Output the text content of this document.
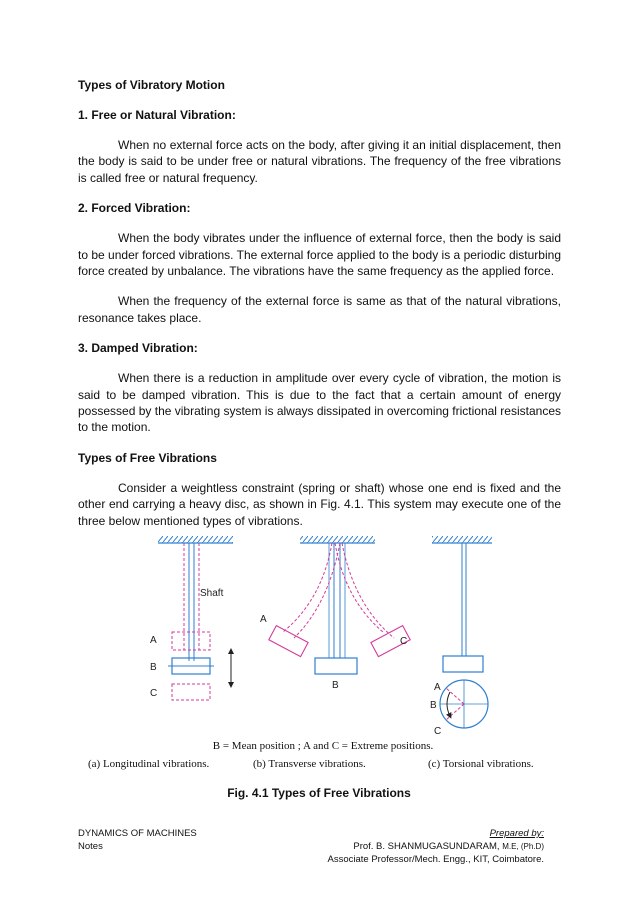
Types of Vibratory Motion
1. Free or Natural Vibration:

When no external force acts on the body, after giving it an initial displacement, then the body is said to be under free or natural vibrations. The frequency of the free vibrations is called free or natural frequency.

2. Forced Vibration:

When the body vibrates under the influence of external force, then the body is said to be under forced vibrations. The external force applied to the body is a periodic disturbing force created by unbalance. The vibrations have the same frequency as the applied force.

When the frequency of the external force is same as that of the natural vibrations, resonance takes place.

3. Damped Vibration:

When there is a reduction in amplitude over every cycle of vibration, the motion is said to be damped vibration. This is due to the fact that a certain amount of energy possessed by the vibrating system is always dissipated in overcoming frictional resistances to the motion.

Types of Free Vibrations

Consider a weightless constraint (spring or shaft) whose one end is fixed and the other end carrying a heavy disc, as shown in Fig. 4.1. This system may execute one of the three below mentioned types of vibrations.

Shaft
A
B
C
A
C
B	A
B
C
B = Mean position ; A and C = Extreme positions.
(a) Longitudinal vibrations.	(b) Transverse vibrations.	(c) Torsional vibrations.
Fig. 4.1 Types of Free Vibrations
DYNAMICS OF MACHINES
Notes
Prepared by:
Prof. B. SHANMUGASUNDARAM, M.E, (Ph.D)
Associate Professor/Mech. Engg., KIT, Coimbatore.
